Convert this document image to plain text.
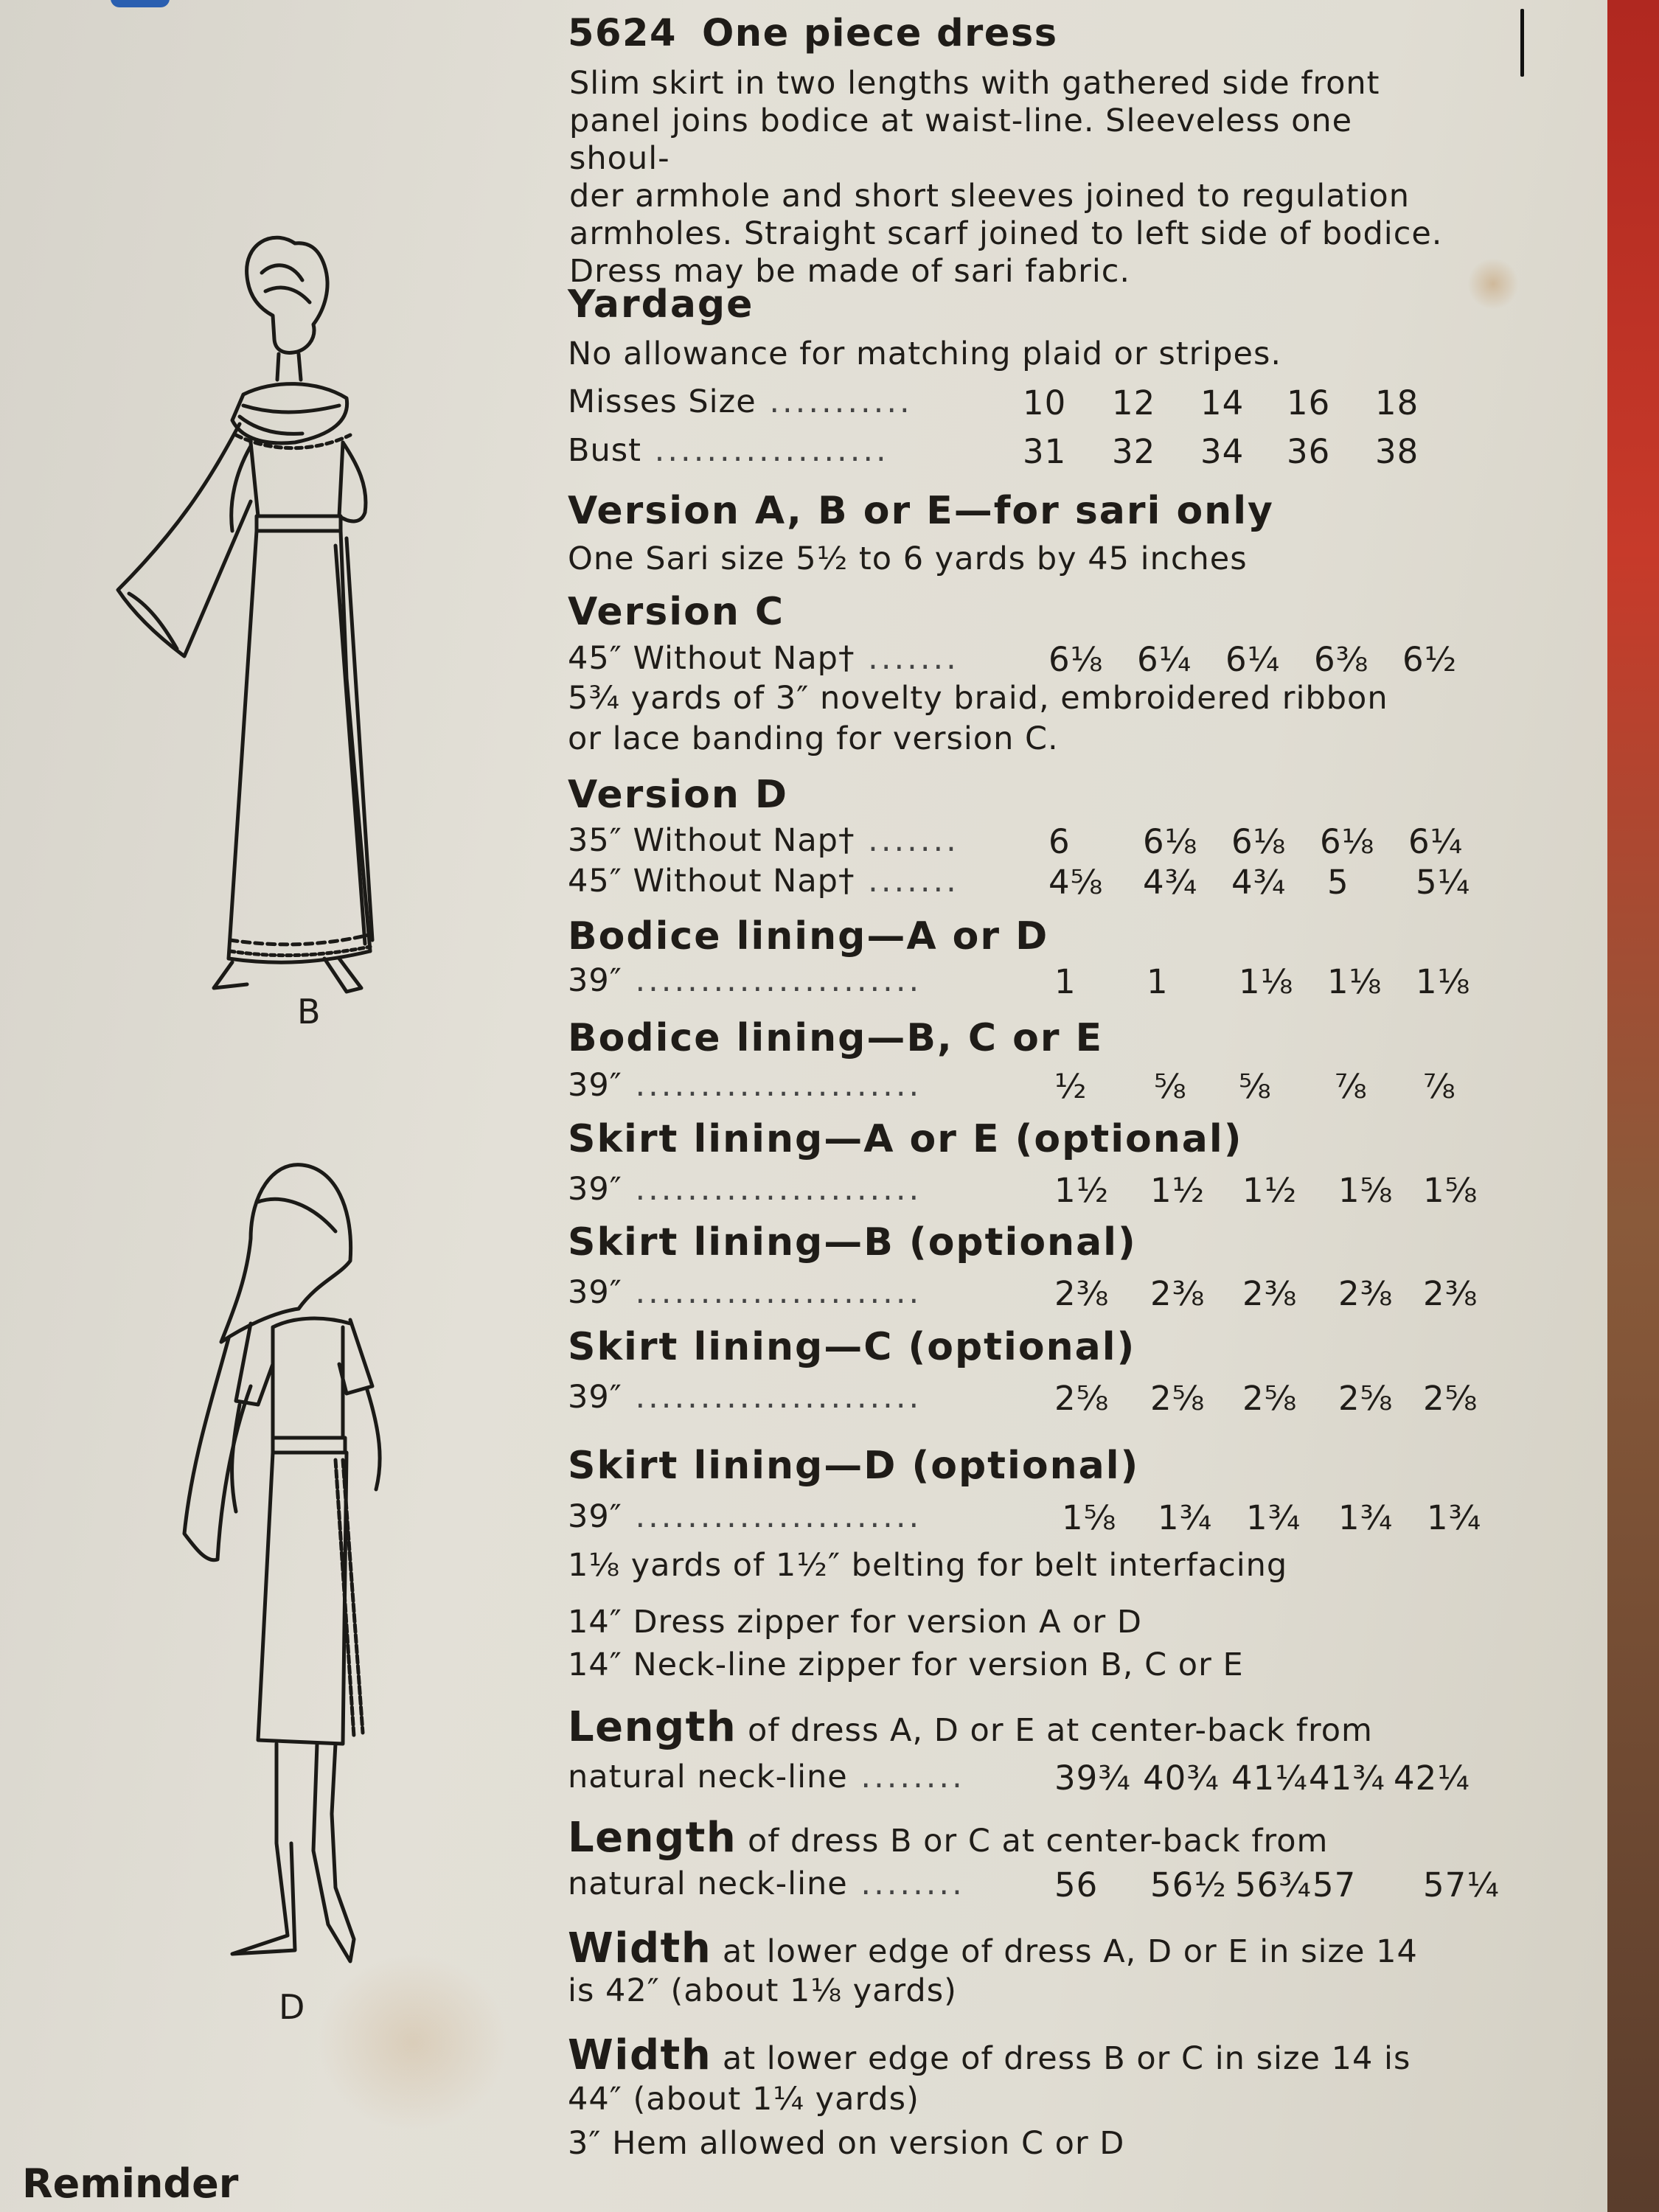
5624 One piece dress
Slim skirt in two lengths with gathered side front
panel joins bodice at waist-line. Sleeveless one shoul-
der armhole and short sleeves joined to regulation
armholes. Straight scarf joined to left side of bodice.
Dress may be made of sari fabric.
Yardage
No allowance for matching plaid or stripes.
Misses Size ...........	10 12 14 16 18
Bust ..................	31 32 34 36 38
Version A, B or E—for sari only
One Sari size 5½ to 6 yards by 45 inches
Version C
45″ Without Nap† .......	6⅛ 6¼ 6¼ 6⅜ 6½
5¾ yards of 3″ novelty braid, embroidered ribbon
or lace banding for version C.
Version D
35″ Without Nap† .......	6 6⅛ 6⅛ 6⅛ 6¼
45″ Without Nap† .......	4⅝ 4¾ 4¾ 5 5¼
Bodice lining—A or D
39″ ......................	1 1 1⅛ 1⅛ 1⅛
Bodice lining—B, C or E
39″ ......................	½ ⅝ ⅝ ⅞ ⅞
Skirt lining—A or E (optional)
39″ ......................	1½ 1½ 1½ 1⅝ 1⅝
Skirt lining—B (optional)
39″ ......................	2⅜ 2⅜ 2⅜ 2⅜ 2⅜
Skirt lining—C (optional)
39″ ......................	2⅝ 2⅝ 2⅝ 2⅝ 2⅝
Skirt lining—D (optional)
39″ ......................	1⅝ 1¾ 1¾ 1¾ 1¾
1⅛ yards of 1½″ belting for belt interfacing
14″ Dress zipper for version A or D
14″ Neck-line zipper for version B, C or E
Length of dress A, D or E at center-back from
natural neck-line ........	39¾ 40¾ 41¼ 41¾ 42¼
Length of dress B or C at center-back from
natural neck-line ........	56 56½ 56¾ 57 57¼
Width at lower edge of dress A, D or E in size 14
is 42″ (about 1⅛ yards)
Width at lower edge of dress B or C in size 14 is
44″ (about 1¼ yards)
3″ Hem allowed on version C or D
B
D
Reminder
